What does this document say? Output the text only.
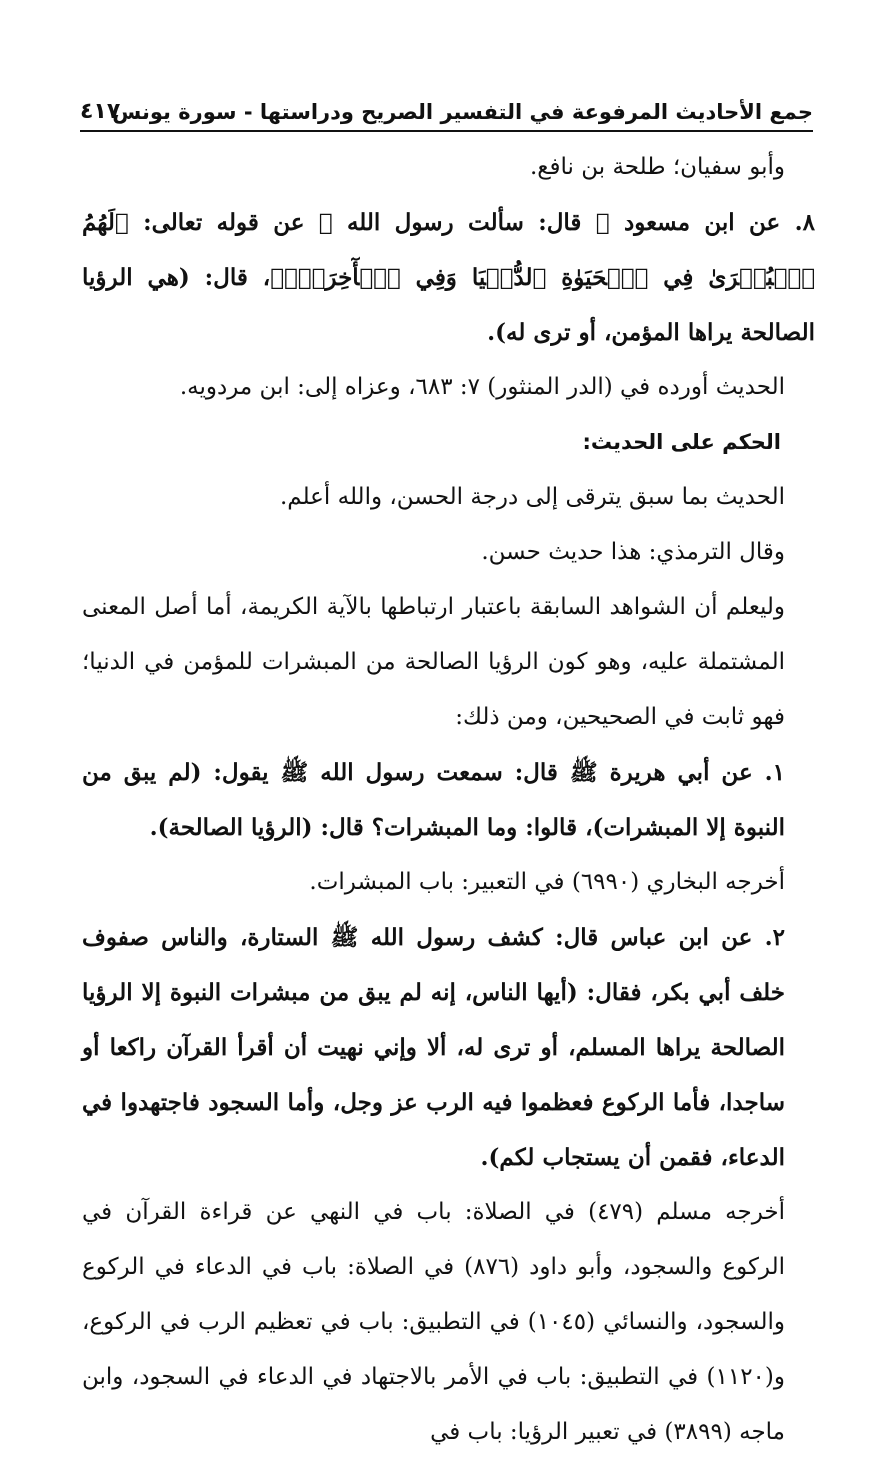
جمع الأحاديث المرفوعة في التفسير الصريح ودراستها - سورة يونس
٤١٧

وأبو سفيان؛ طلحة بن نافع.

٨. عن ابن مسعود ﷺ قال: سألت رسول الله ﷺ عن قوله تعالى: ﴿لَهُمُ ٱلۡبُشۡرَىٰ فِي ٱلۡحَيَوٰةِ ٱلدُّنۡيَا وَفِي ٱلۡأٓخِرَةِۚ﴾، قال: (هي الرؤيا الصالحة يراها المؤمن، أو ترى له).

الحديث أورده في (الدر المنثور) ٧: ٦٨٣، وعزاه إلى: ابن مردويه.

الحكم على الحديث:

الحديث بما سبق يترقى إلى درجة الحسن، والله أعلم.

وقال الترمذي: هذا حديث حسن.

وليعلم أن الشواهد السابقة باعتبار ارتباطها بالآية الكريمة، أما أصل المعنى المشتملة عليه، وهو كون الرؤيا الصالحة من المبشرات للمؤمن في الدنيا؛ فهو ثابت في الصحيحين، ومن ذلك:

١. عن أبي هريرة ﷺ قال: سمعت رسول الله ﷺ يقول: (لم يبق من النبوة إلا المبشرات)، قالوا: وما المبشرات؟ قال: (الرؤيا الصالحة).

أخرجه البخاري (٦٩٩٠) في التعبير: باب المبشرات.

٢. عن ابن عباس قال: كشف رسول الله ﷺ الستارة، والناس صفوف خلف أبي بكر، فقال: (أيها الناس، إنه لم يبق من مبشرات النبوة إلا الرؤيا الصالحة يراها المسلم، أو ترى له، ألا وإني نهيت أن أقرأ القرآن راكعا أو ساجدا، فأما الركوع فعظموا فيه الرب عز وجل، وأما السجود فاجتهدوا في الدعاء، فقمن أن يستجاب لكم).

أخرجه مسلم (٤٧٩) في الصلاة: باب في النهي عن قراءة القرآن في الركوع والسجود، وأبو داود (٨٧٦) في الصلاة: باب في الدعاء في الركوع والسجود، والنسائي (١٠٤٥) في التطبيق: باب في تعظيم الرب في الركوع، و(١١٢٠) في التطبيق: باب في الأمر بالاجتهاد في الدعاء في السجود، وابن ماجه (٣٨٩٩) في تعبير الرؤيا: باب في
